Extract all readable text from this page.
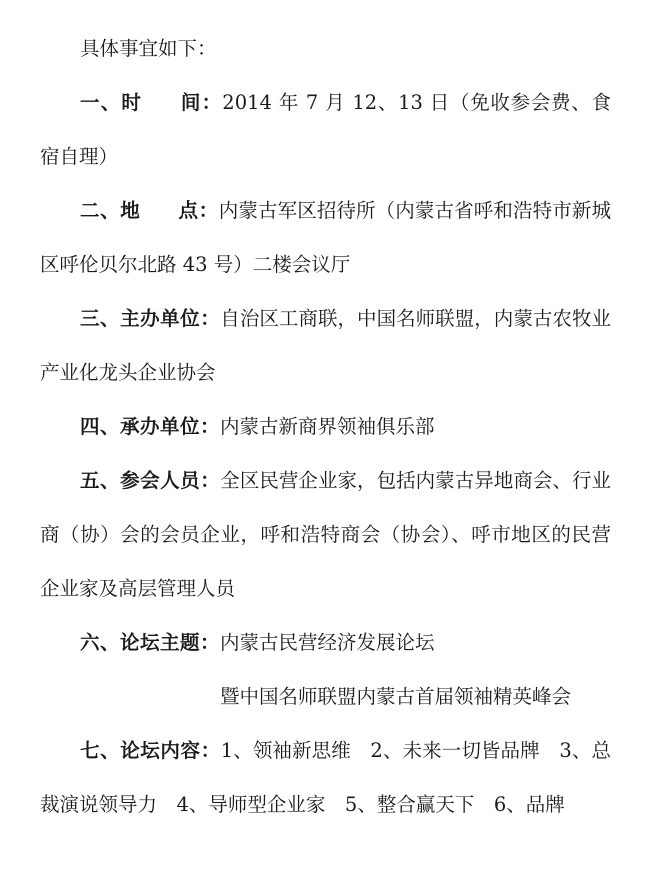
具体事宜如下：

一、时 间：2014 年 7 月 12、13 日（免收参会费、食宿自理）

二、地 点：内蒙古军区招待所（内蒙古省呼和浩特市新城区呼伦贝尔北路 43 号）二楼会议厅

三、主办单位：自治区工商联，中国名师联盟，内蒙古农牧业产业化龙头企业协会

四、承办单位：内蒙古新商界领袖俱乐部

五、参会人员：全区民营企业家，包括内蒙古异地商会、行业商（协）会的会员企业，呼和浩特商会（协会）、呼市地区的民营企业家及高层管理人员

六、论坛主题：内蒙古民营经济发展论坛

暨中国名师联盟内蒙古首届领袖精英峰会

七、论坛内容：1、领袖新思维　2、未来一切皆品牌　3、总裁演说领导力　4、导师型企业家　5、整合赢天下　6、品牌
